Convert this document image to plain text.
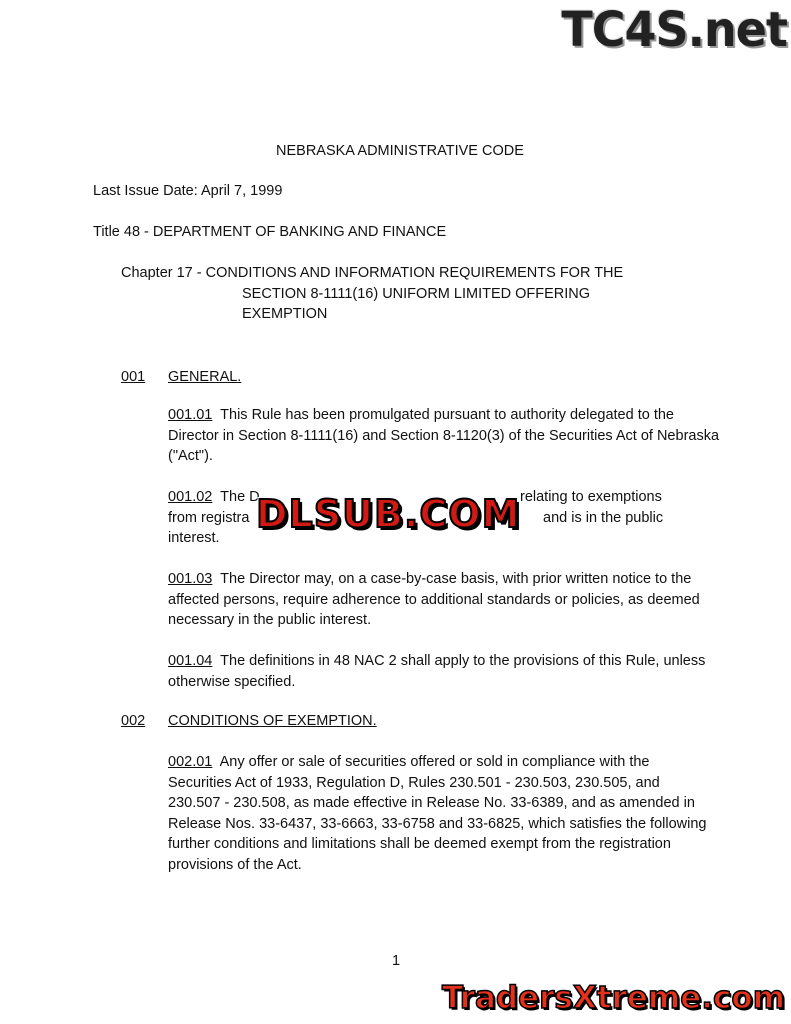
TC4S.net
NEBRASKA ADMINISTRATIVE CODE
Last Issue Date: April 7, 1999
Title 48 - DEPARTMENT OF BANKING AND FINANCE
Chapter 17 - CONDITIONS AND INFORMATION REQUIREMENTS FOR THE
SECTION 8-1111(16) UNIFORM LIMITED OFFERING
EXEMPTION
001 GENERAL.
001.01 This Rule has been promulgated pursuant to authority delegated to the Director in Section 8-1111(16) and Section 8-1120(3) of the Securities Act of Nebraska ("Act").
001.02 The D	relating to exemptions
from registra	and is in the public
interest.
DLSUB.COM
001.03 The Director may, on a case-by-case basis, with prior written notice to the affected persons, require adherence to additional standards or policies, as deemed necessary in the public interest.
001.04 The definitions in 48 NAC 2 shall apply to the provisions of this Rule, unless otherwise specified.
002 CONDITIONS OF EXEMPTION.
002.01 Any offer or sale of securities offered or sold in compliance with the Securities Act of 1933, Regulation D, Rules 230.501 - 230.503, 230.505, and 230.507 - 230.508, as made effective in Release No. 33-6389, and as amended in Release Nos. 33-6437, 33-6663, 33-6758 and 33-6825, which satisfies the following further conditions and limitations shall be deemed exempt from the registration provisions of the Act.
1
TradersXtreme.com
